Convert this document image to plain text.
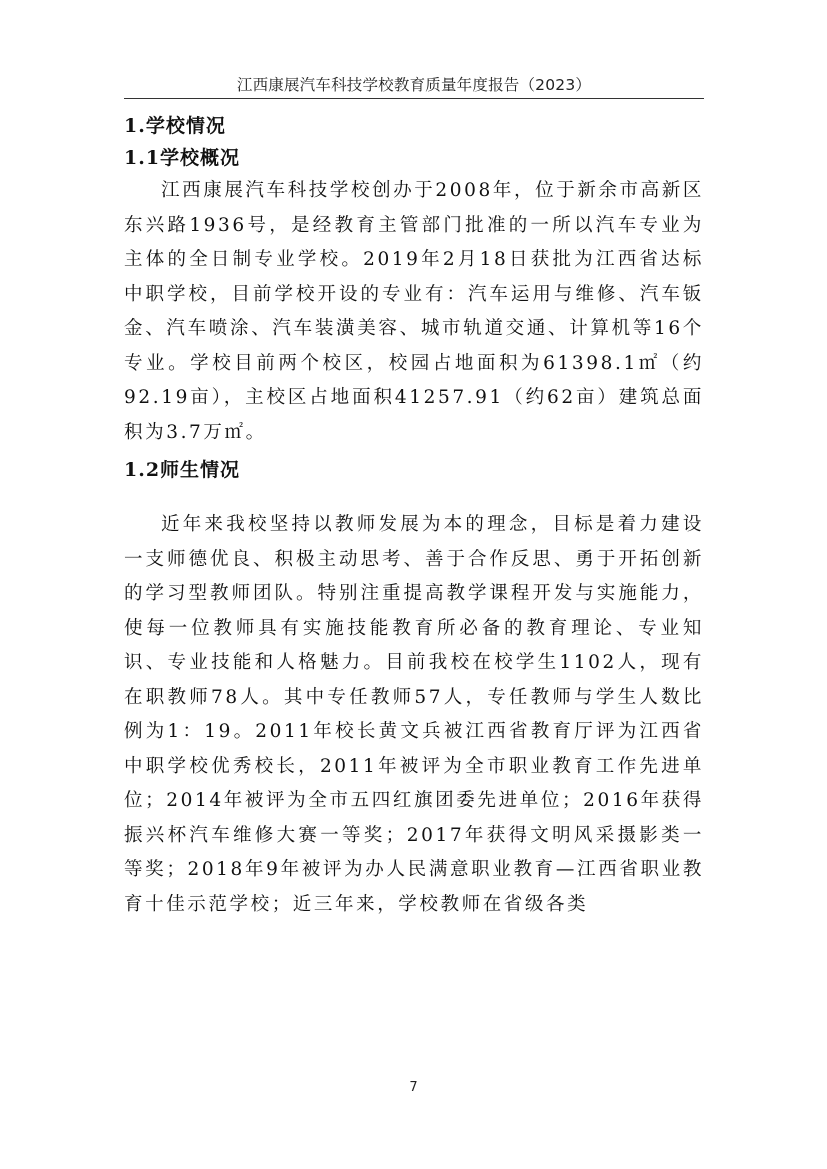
江西康展汽车科技学校教育质量年度报告（2023）
1.学校情况
1.1学校概况

江西康展汽车科技学校创办于2008年，位于新余市高新区东兴路1936号，是经教育主管部门批准的一所以汽车专业为主体的全日制专业学校。2019年2月18日获批为江西省达标中职学校，目前学校开设的专业有：汽车运用与维修、汽车钣金、汽车喷涂、汽车装潢美容、城市轨道交通、计算机等16个专业。学校目前两个校区，校园占地面积为61398.1㎡（约92.19亩），主校区占地面积41257.91（约62亩）建筑总面积为3.7万㎡。

1.2师生情况

近年来我校坚持以教师发展为本的理念，目标是着力建设一支师德优良、积极主动思考、善于合作反思、勇于开拓创新的学习型教师团队。特别注重提高教学课程开发与实施能力，使每一位教师具有实施技能教育所必备的教育理论、专业知识、专业技能和人格魅力。目前我校在校学生1102人，现有在职教师78人。其中专任教师57人，专任教师与学生人数比例为1：19。2011年校长黄文兵被江西省教育厅评为江西省中职学校优秀校长，2011年被评为全市职业教育工作先进单位；2014年被评为全市五四红旗团委先进单位；2016年获得振兴杯汽车维修大赛一等奖；2017年获得文明风采摄影类一等奖；2018年9年被评为办人民满意职业教育—江西省职业教育十佳示范学校；近三年来，学校教师在省级各类

7
